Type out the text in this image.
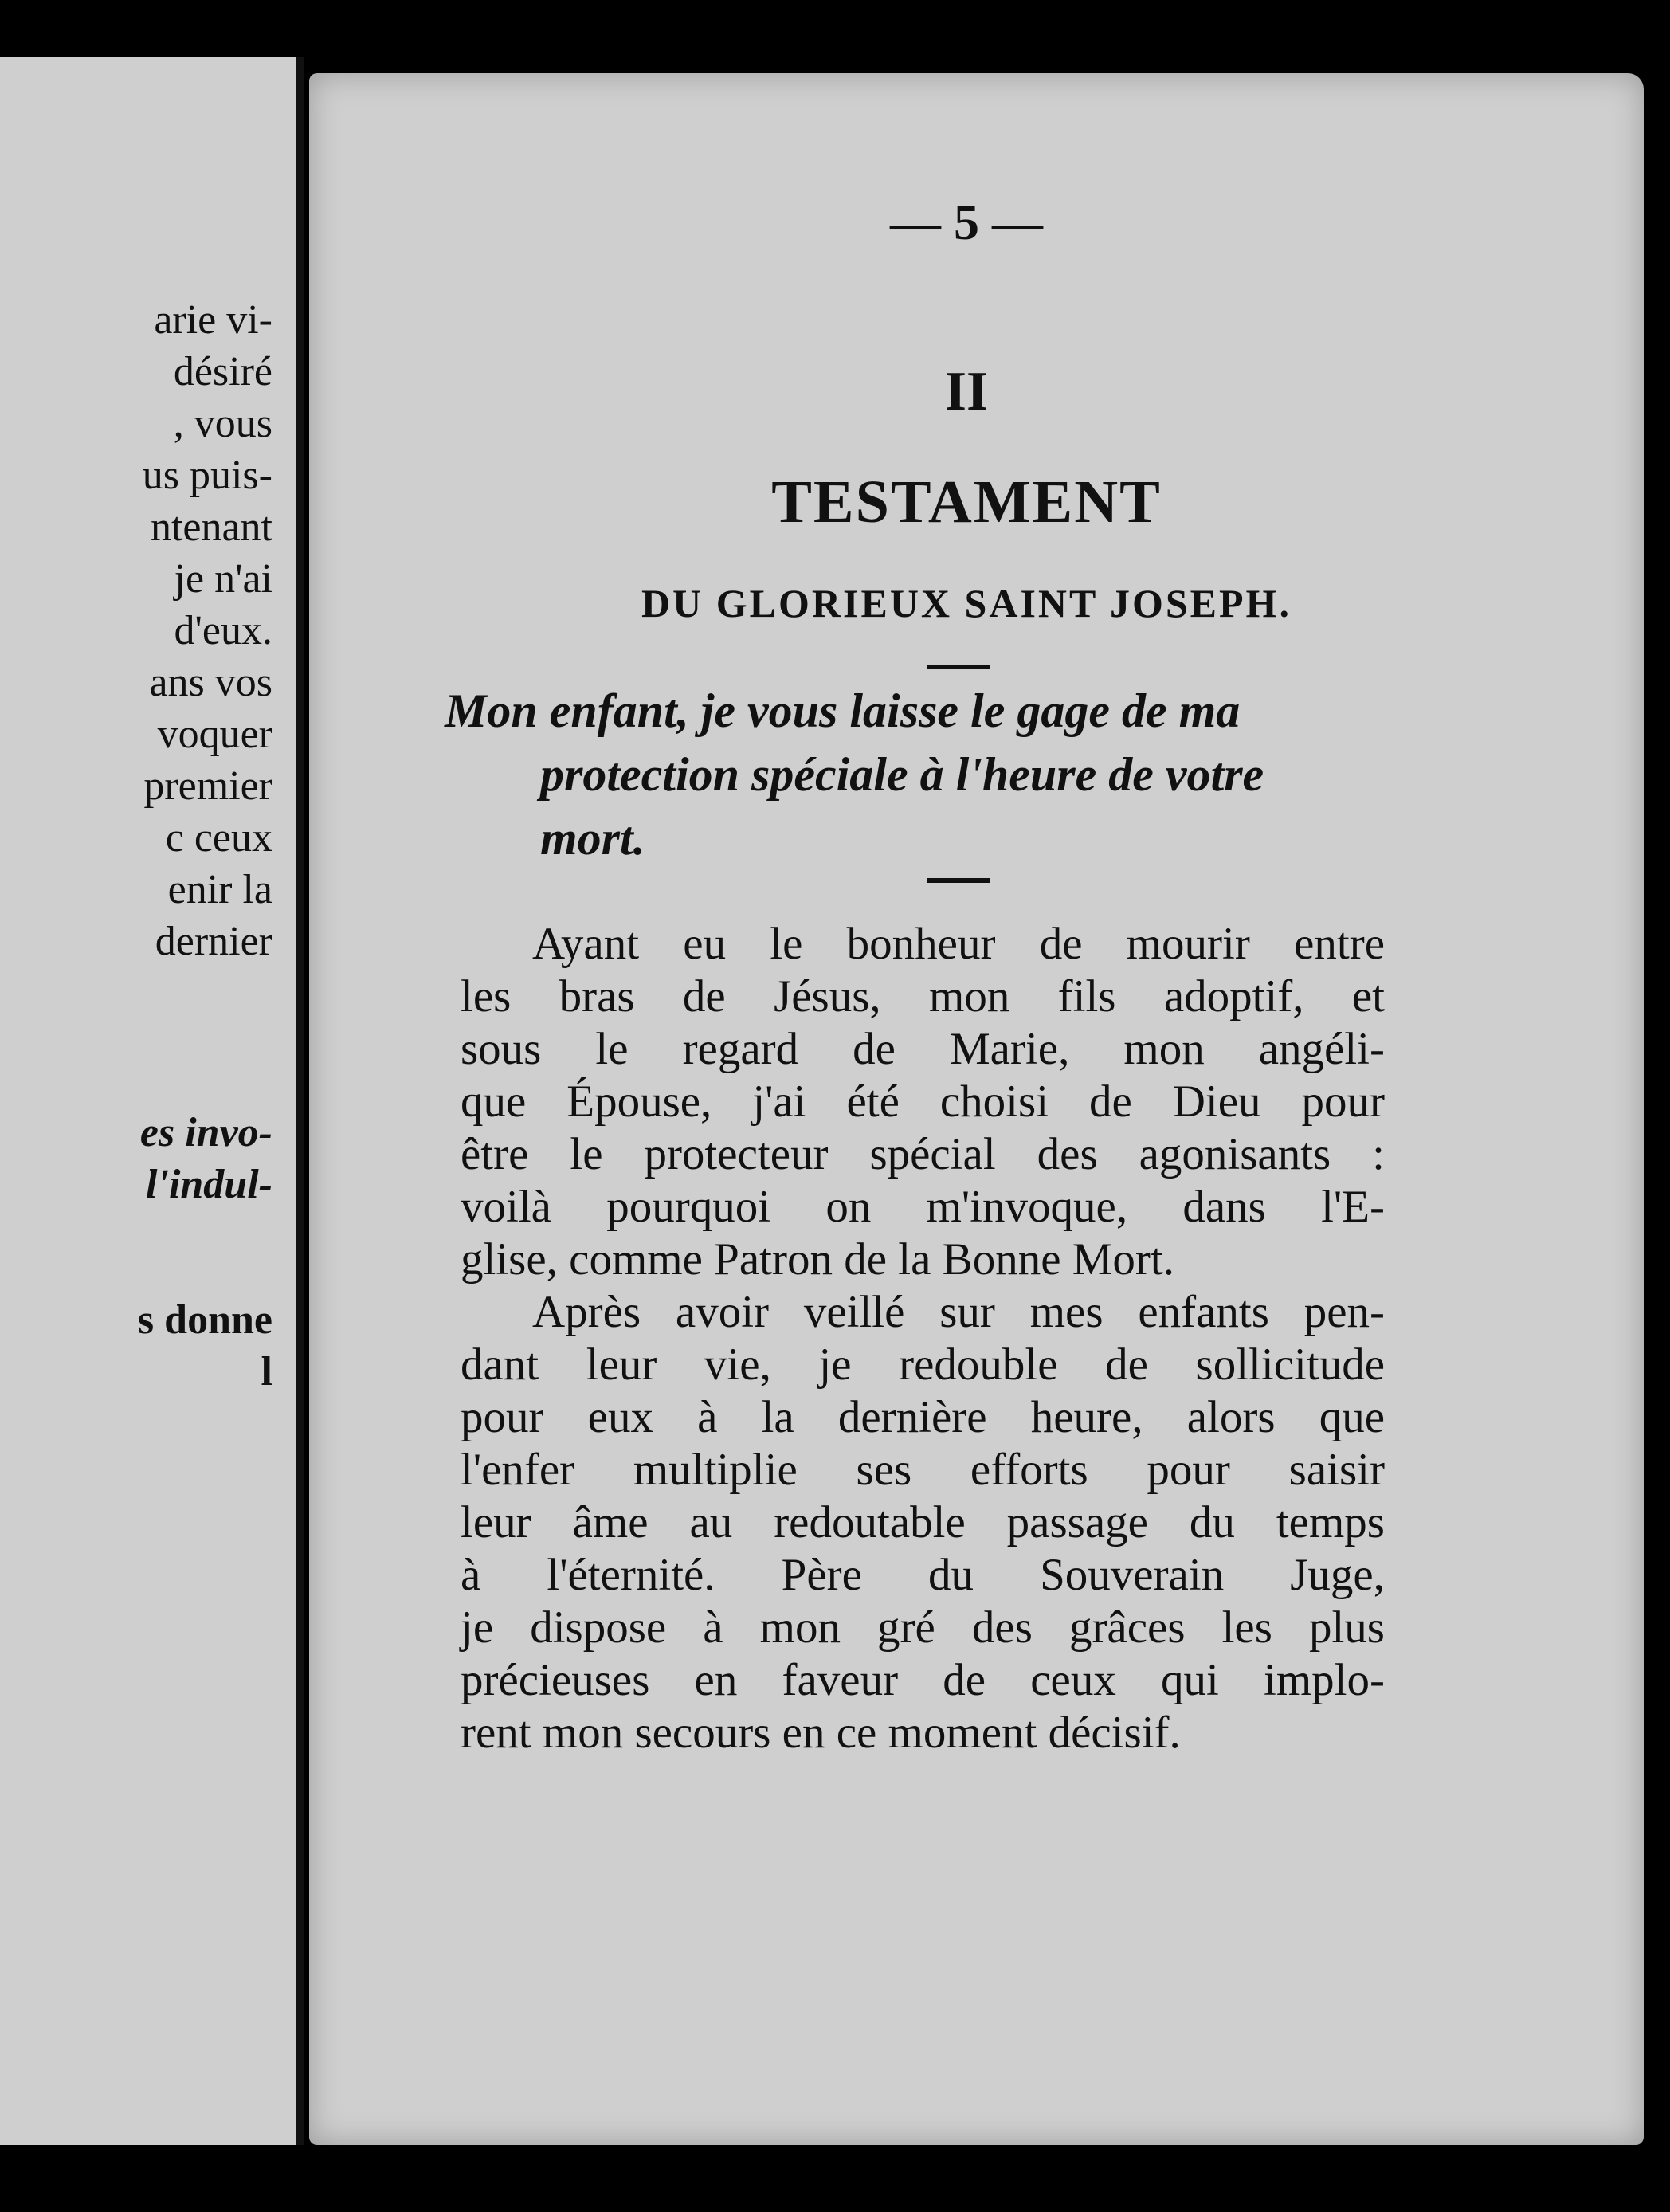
arie vi-
désiré
, vous
us puis-
ntenant
je n'ai
d'eux.
ans vos
voquer
premier
c ceux
enir la
dernier
es invo-
l'indul-
s donne
l
— 5 —
II
TESTAMENT
DU GLORIEUX SAINT JOSEPH.
Mon enfant, je vous laisse le gage de ma
protection spéciale à l'heure de votre
mort.
Ayant eu le bonheur de mourir entre
les bras de Jésus, mon fils adoptif, et
sous le regard de Marie, mon angéli-
que Épouse, j'ai été choisi de Dieu pour
être le protecteur spécial des agonisants :
voilà pourquoi on m'invoque, dans l'E-
glise, comme Patron de la Bonne Mort.
Après avoir veillé sur mes enfants pen-
dant leur vie, je redouble de sollicitude
pour eux à la dernière heure, alors que
l'enfer multiplie ses efforts pour saisir
leur âme au redoutable passage du temps
à l'éternité. Père du Souverain Juge,
je dispose à mon gré des grâces les plus
précieuses en faveur de ceux qui implo-
rent mon secours en ce moment décisif.
